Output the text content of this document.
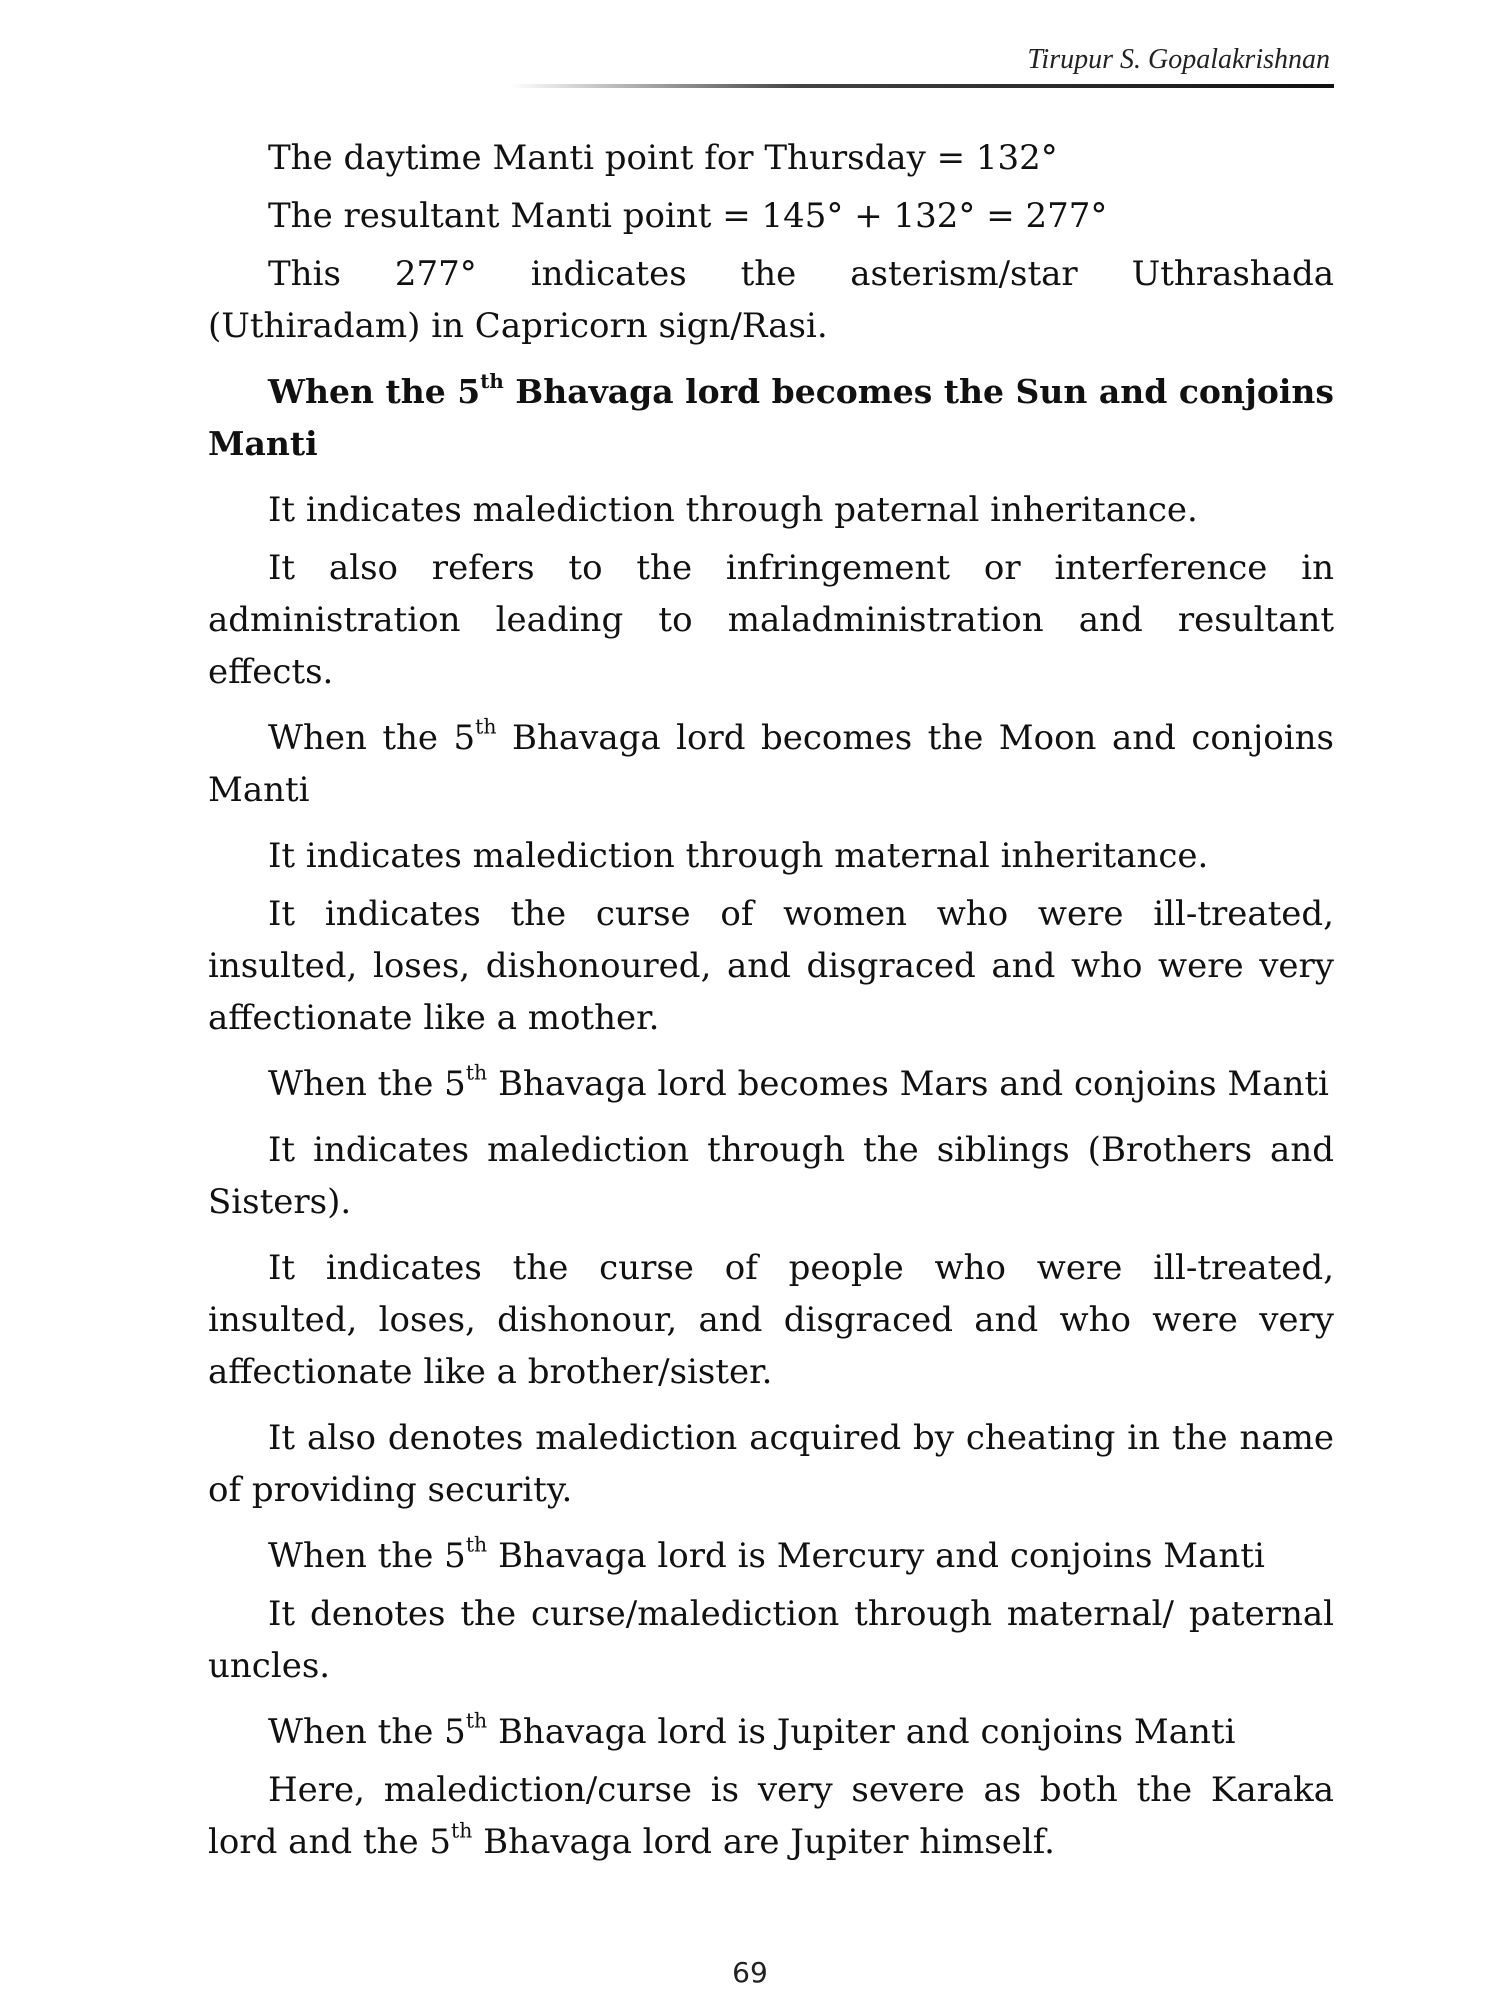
Tirupur S. Gopalakrishnan

The daytime Manti point for Thursday = 132°

The resultant Manti point = 145° + 132° = 277°

This 277° indicates the asterism/star Uthrashada (Uthiradam) in Capricorn sign/Rasi.

When the 5th Bhavaga lord becomes the Sun and conjoins Manti

It indicates malediction through paternal inheritance.

It also refers to the infringement or interference in administration leading to maladministration and resultant effects.

When the 5th Bhavaga lord becomes the Moon and conjoins Manti

It indicates malediction through maternal inheritance.

It indicates the curse of women who were ill-treated, insulted, loses, dishonoured, and disgraced and who were very affectionate like a mother.

When the 5th Bhavaga lord becomes Mars and conjoins Manti

It indicates malediction through the siblings (Brothers and Sisters).

It indicates the curse of people who were ill-treated, insulted, loses, dishonour, and disgraced and who were very affectionate like a brother/sister.

It also denotes malediction acquired by cheating in the name of providing security.

When the 5th Bhavaga lord is Mercury and conjoins Manti

It denotes the curse/malediction through maternal/ paternal uncles.

When the 5th Bhavaga lord is Jupiter and conjoins Manti

Here, malediction/curse is very severe as both the Karaka lord and the 5th Bhavaga lord are Jupiter himself.

69
